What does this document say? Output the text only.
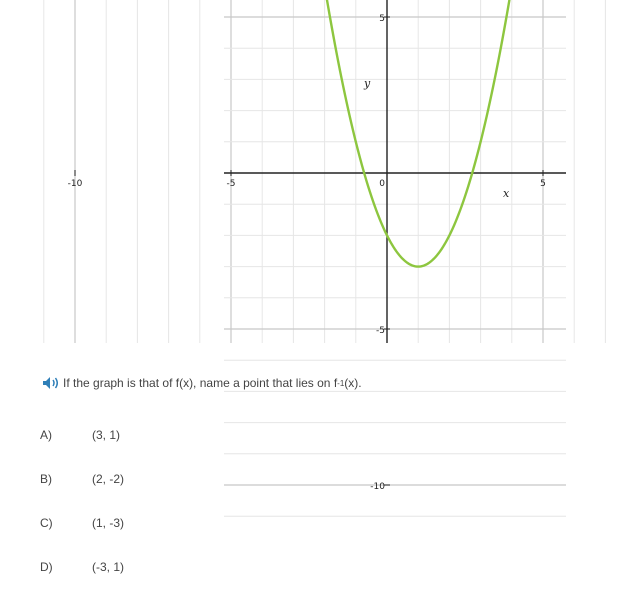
-10	-5	5
5
-5
-10
0
x
y
If the graph is that of f(x), name a point that lies on f -1 (x).
A)	(3, 1)
B)	(2, -2)
C)	(1, -3)
D)	(-3, 1)
